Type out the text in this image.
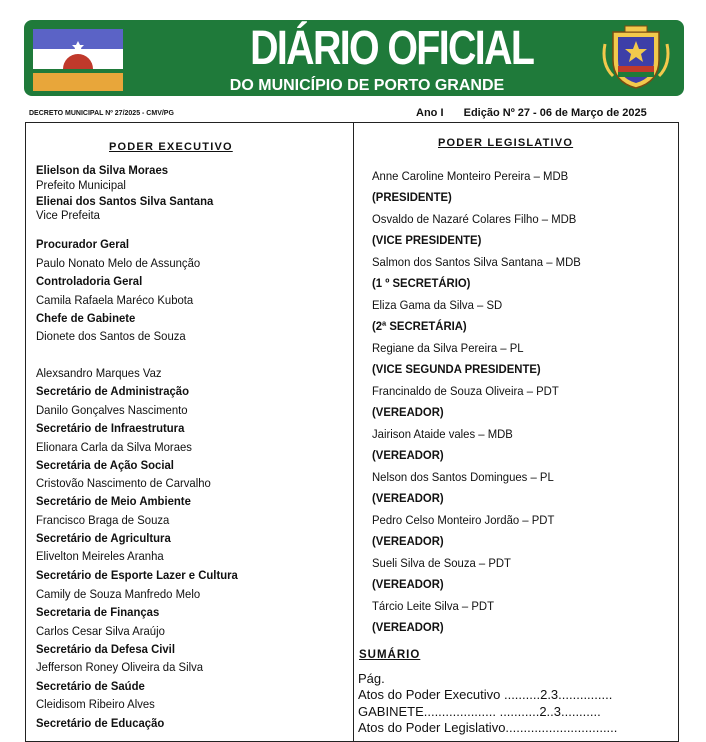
DIÁRIO OFICIAL
DO MUNICÍPIO DE PORTO GRANDE
DECRETO MUNICIPAL Nº 27/2025 - CMV/PG	Ano I Edição Nº 27 - 06 de Março de 2025
PODER EXECUTIVO	PODER LEGISLATIVO
Elielson da Silva Moraes
Prefeito Municipal
Elienai dos Santos Silva Santana
Vice Prefeita
Procurador Geral
Paulo Nonato Melo de Assunção
Controladoria Geral
Camila Rafaela Maréco Kubota
Chefe de Gabinete
Dionete dos Santos de Souza
Alexsandro Marques Vaz
Secretário de Administração
Danilo Gonçalves Nascimento
Secretário de Infraestrutura
Elionara Carla da Silva Moraes
Secretária de Ação Social
Cristovão Nascimento de Carvalho
Secretário de Meio Ambiente
Francisco Braga de Souza
Secretário de Agricultura
Elivelton Meireles Aranha
Secretário de Esporte Lazer e Cultura
Camily de Souza Manfredo Melo
Secretaria de Finanças
Carlos Cesar Silva Araújo
Secretário da Defesa Civil
Jefferson Roney Oliveira da Silva
Secretário de Saúde
Cleidisom Ribeiro Alves
Secretário de Educação
Anne Caroline Monteiro Pereira – MDB
(PRESIDENTE)
Osvaldo de Nazaré Colares Filho – MDB
(VICE PRESIDENTE)
Salmon dos Santos Silva Santana – MDB
(1 º SECRETÁRIO)
Eliza Gama da Silva – SD
(2ª SECRETÁRIA)
Regiane da Silva Pereira – PL
(VICE SEGUNDA PRESIDENTE)
Francinaldo de Souza Oliveira – PDT
(VEREADOR)
Jairison Ataide vales – MDB
(VEREADOR)
Nelson dos Santos Domingues – PL
(VEREADOR)
Pedro Celso Monteiro Jordão – PDT
(VEREADOR)
Sueli Silva de Souza – PDT
(VEREADOR)
Tárcio Leite Silva – PDT
(VEREADOR)
SUMÁRIO
Pág.
Atos do Poder Executivo ..........2.3...............
GABINETE.................... ...........2..3...........
Atos do Poder Legislativo...............................
